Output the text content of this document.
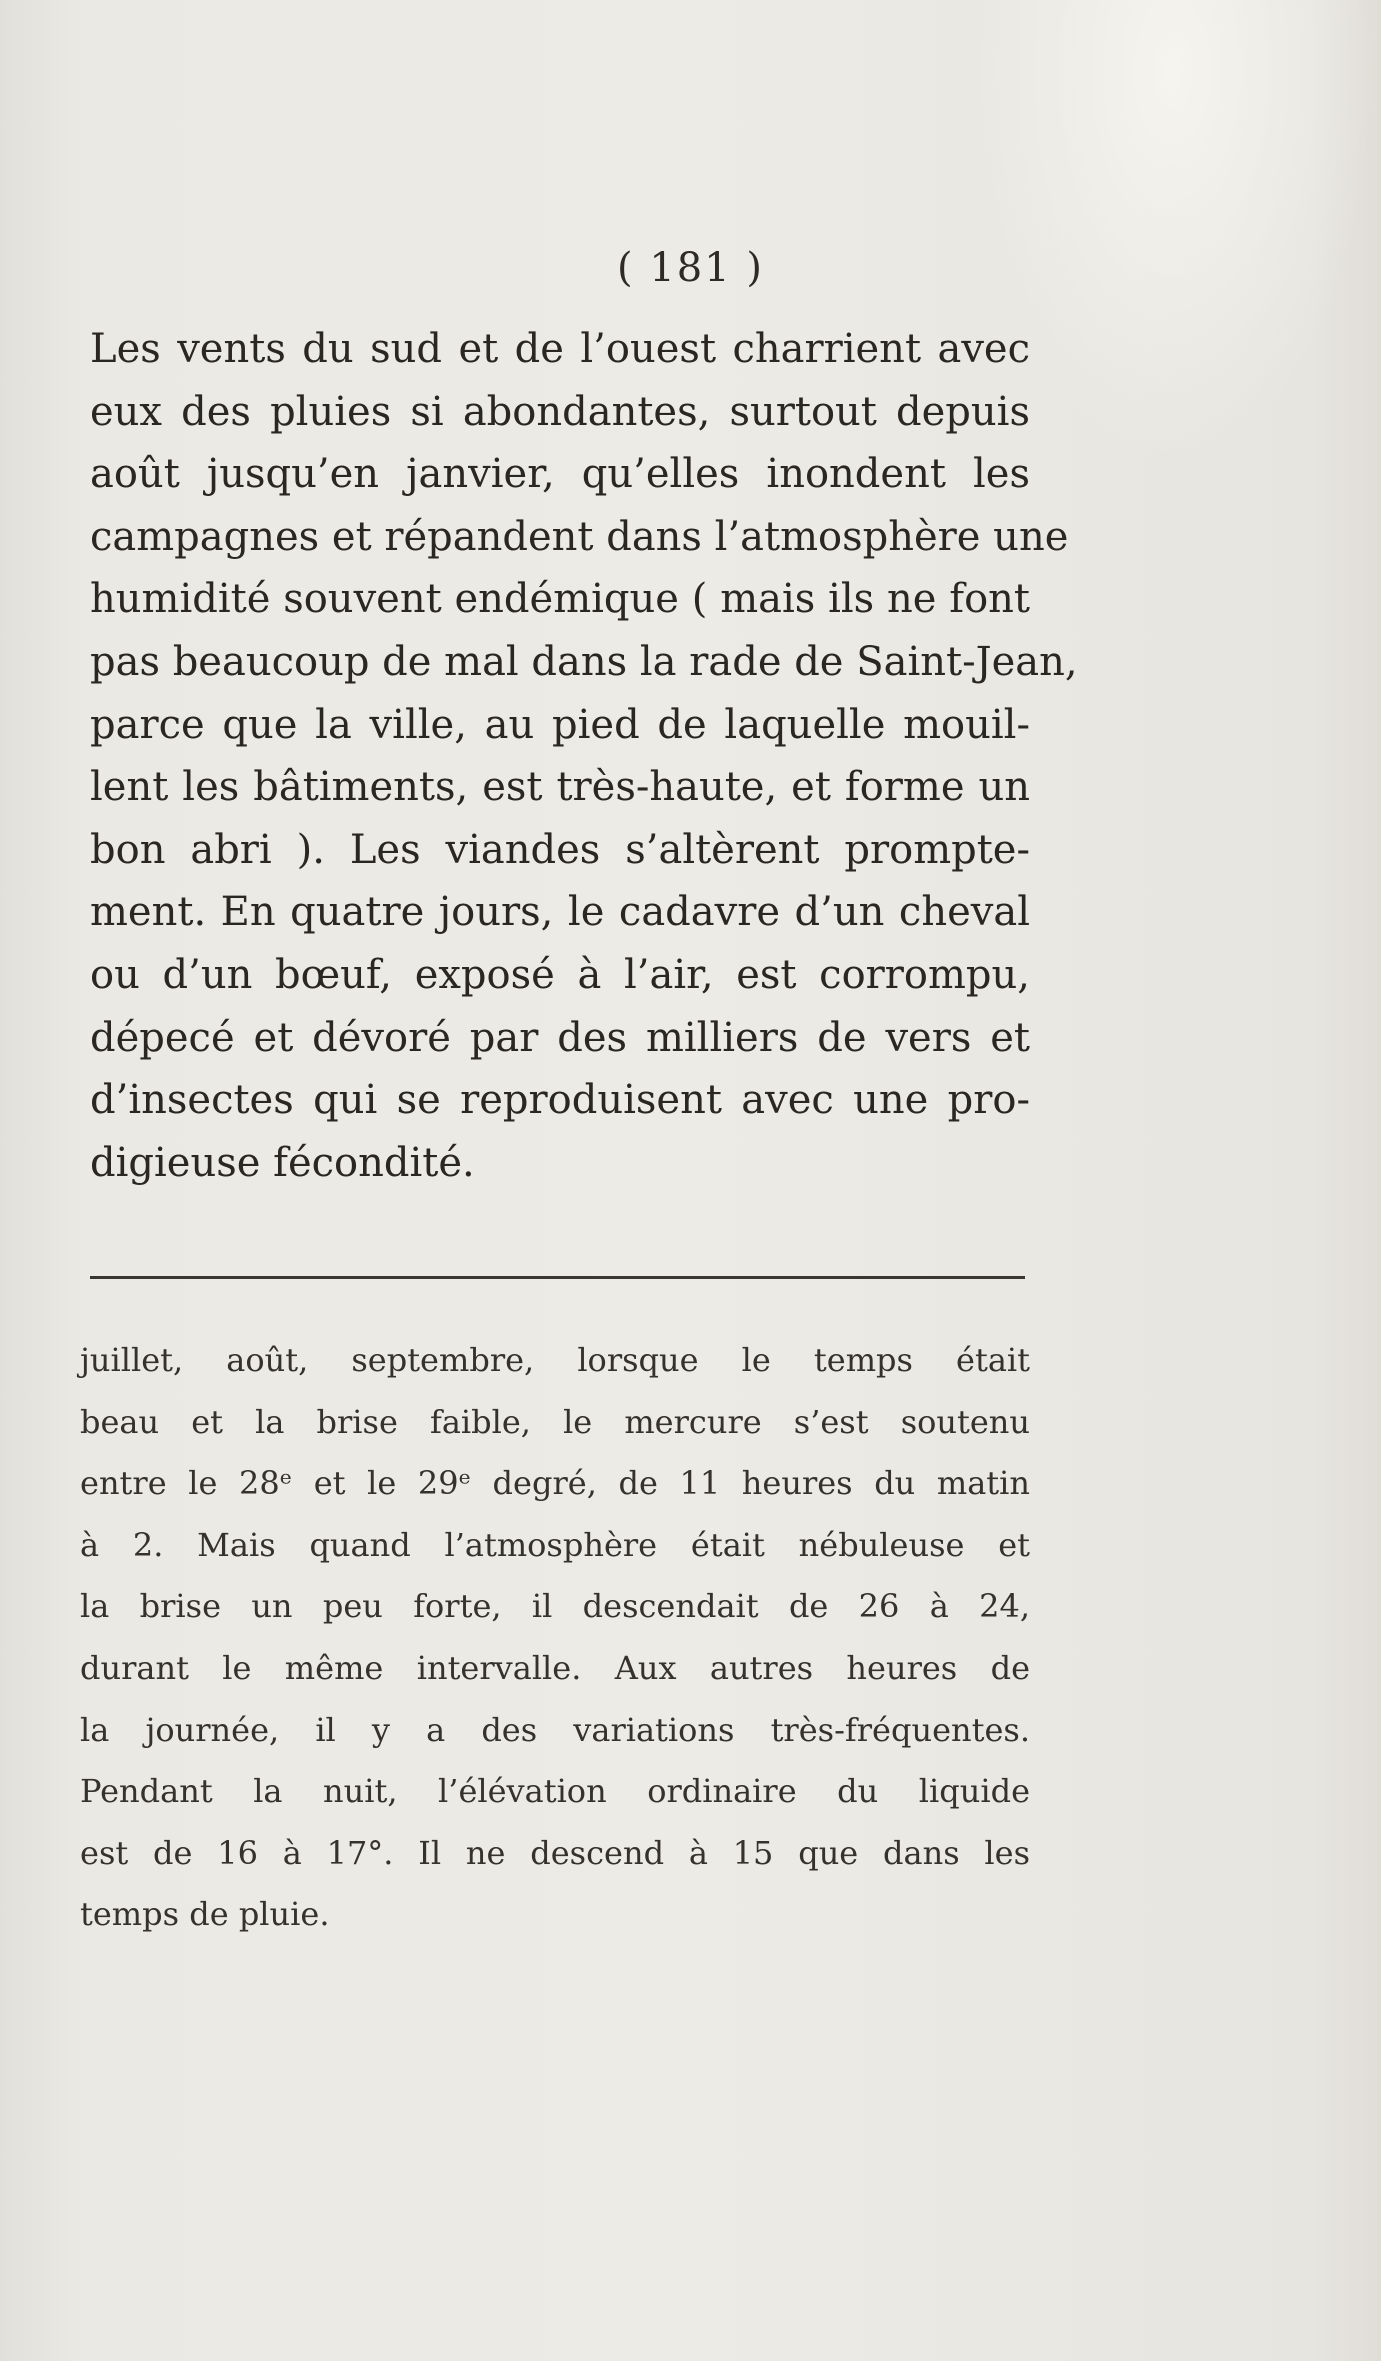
( 181 )
Les vents du sud et de l’ouest charrient avec
eux des pluies si abondantes, surtout depuis
août jusqu’en janvier, qu’elles inondent les
campagnes et répandent dans l’atmosphère une
humidité souvent endémique ( mais ils ne font
pas beaucoup de mal dans la rade de Saint-Jean,
parce que la ville, au pied de laquelle mouil-
lent les bâtiments, est très-haute, et forme un
bon abri ). Les viandes s’altèrent prompte-
ment. En quatre jours, le cadavre d’un cheval
ou d’un bœuf, exposé à l’air, est corrompu,
dépecé et dévoré par des milliers de vers et
d’insectes qui se reproduisent avec une pro-
digieuse fécondité.
juillet, août, septembre, lorsque le temps était
beau et la brise faible, le mercure s’est soutenu
entre le 28ᵉ et le 29ᵉ degré, de 11 heures du matin
à 2. Mais quand l’atmosphère était nébuleuse et
la brise un peu forte, il descendait de 26 à 24,
durant le même intervalle. Aux autres heures de
la journée, il y a des variations très-fréquentes.
Pendant la nuit, l’élévation ordinaire du liquide
est de 16 à 17°. Il ne descend à 15 que dans les
temps de pluie.
